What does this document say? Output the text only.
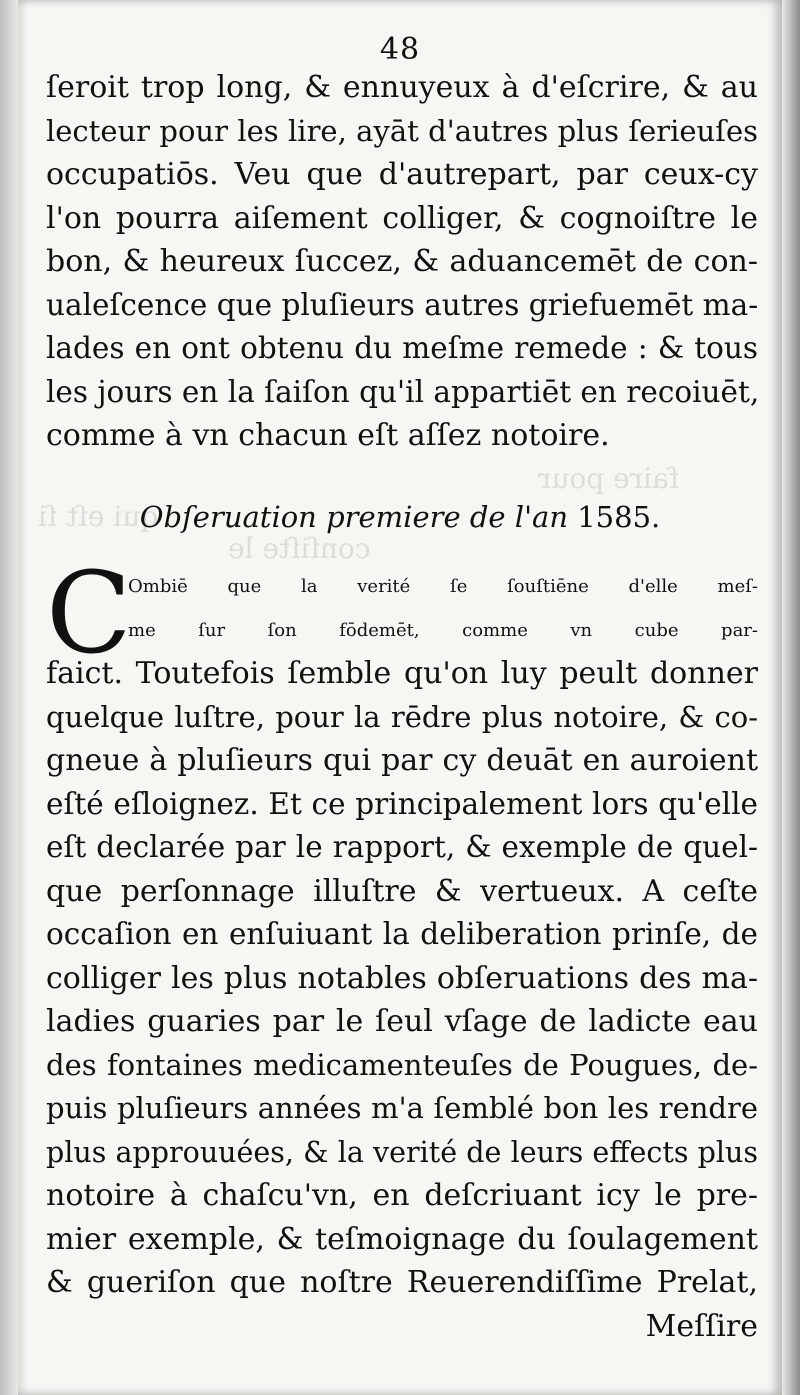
faire pour
qui eſt ſi
conſiſte le
48
ſeroit trop long, & ennuyeux à d'eſcrire, & au
lecteur pour les lire, ayāt d'autres plus ſerieuſes
occupatiōs. Veu que d'autrepart, par ceux-cy
l'on pourra aiſement colliger, & cognoiſtre le
bon, & heureux ſuccez, & aduancemēt de con-
ualeſcence que pluſieurs autres griefuemēt ma-
lades en ont obtenu du meſme remede : & tous
les jours en la ſaiſon qu'il appartiēt en recoiuēt,
comme à vn chacun eſt aſſez notoire.
Obſeruation premiere de l'an 1585.
C
Ombiē que la verité ſe ſouſtiēne d'elle meſ-
me ſur ſon fōdemēt, comme vn cube par-
faict. Toutefois ſemble qu'on luy peult donner
quelque luſtre, pour la rēdre plus notoire, & co-
gneue à pluſieurs qui par cy deuāt en auroient
eſté eſloignez. Et ce principalement lors qu'elle
eſt declarée par le rapport, & exemple de quel-
que perſonnage illuſtre & vertueux. A ceſte
occaſion en enſuiuant la deliberation prinſe, de
colliger les plus notables obſeruations des ma-
ladies guaries par le ſeul vſage de ladicte eau
des fontaines medicamenteuſes de Pougues, de-
puis pluſieurs années m'a ſemblé bon les rendre
plus approuuées, & la verité de leurs effects plus
notoire à chaſcu'vn, en deſcriuant icy le pre-
mier exemple, & teſmoignage du ſoulagement
& gueriſon que noſtre Reuerendiſſime Prelat,
Meſſire
